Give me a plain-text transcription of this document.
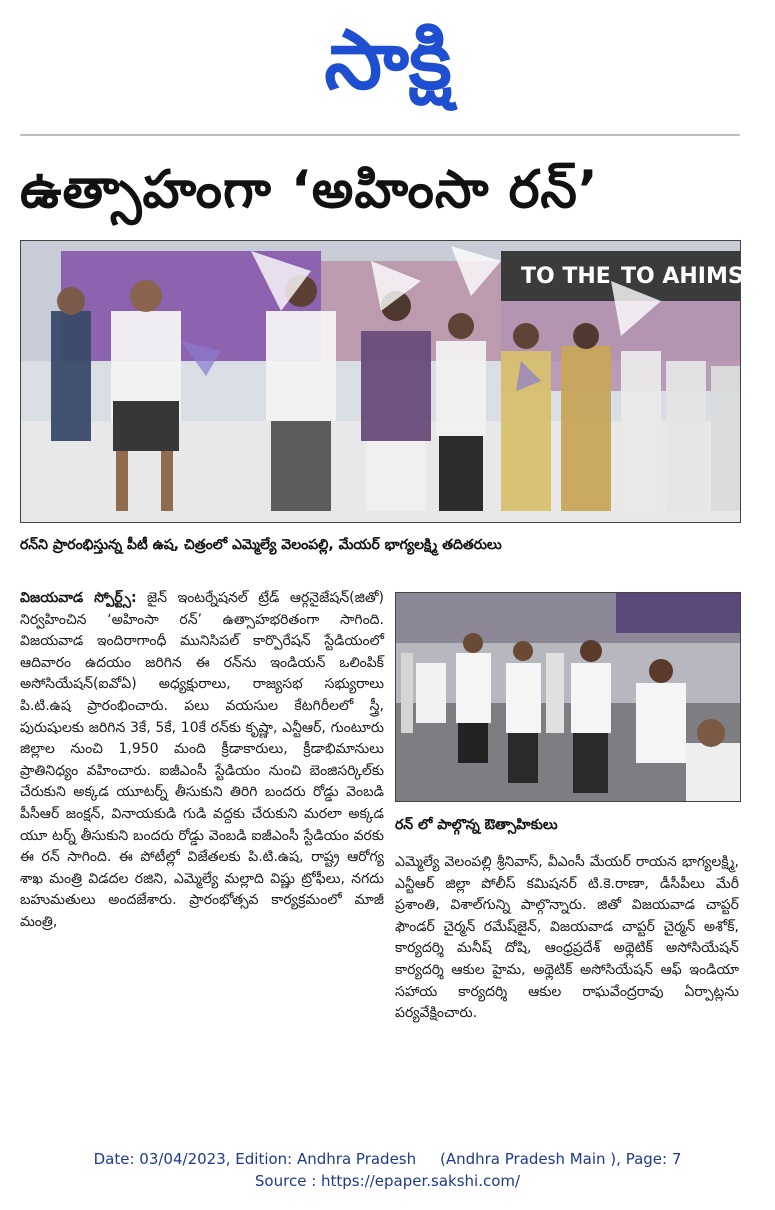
సాక్షి
ఉత్సాహంగా ‘అహింసా రన్’
TO THE TO AHIMSA
రన్‌ని ప్రారంభిస్తున్న పీటీ ఉష, చిత్రంలో ఎమ్మెల్యే వెలంపల్లి, మేయర్ భాగ్యలక్ష్మి తదితరులు
రన్ లో పాల్గొన్న ఔత్సాహికులు
విజయవాడ స్పోర్ట్స్: జైన్ ఇంటర్నేషనల్ ట్రేడ్ ఆర్గనైజేషన్(జితో) నిర్వహించిన ‘అహింసా రన్’ ఉత్సాహభరితంగా సాగింది. విజయవాడ ఇందిరాగాంధీ మునిసిపల్ కార్పొరేషన్ స్టేడియంలో ఆదివారం ఉదయం జరిగిన ఈ రన్‌ను ఇండియన్ ఒలింపిక్ అసోసియేషన్(ఐవోఏ) అధ్యక్షురాలు, రాజ్యసభ సభ్యురాలు పి.టి.ఉష ప్రారంభించారు. పలు వయసుల కేటగిరీలలో స్త్రీ, పురుషులకు జరిగిన 3కే, 5కే, 10కే రన్‌కు కృష్ణా, ఎన్టీఆర్, గుంటూరు జిల్లాల నుంచి 1,950 మంది క్రీడాకారులు, క్రీడాభిమానులు ప్రాతినిధ్యం వహించారు. ఐజీఎంసీ స్టేడియం నుంచి బెంజిసర్కిల్‌కు చేరుకుని అక్కడ యూటర్న్ తీసుకుని తిరిగి బందరు రోడ్డు వెంబడి పీసీఆర్ జంక్షన్, వినాయకుడి గుడి వద్దకు చేరుకుని మరలా అక్కడ యూ టర్న్ తీసుకుని బందరు రోడ్డు వెంబడి ఐజీఎంసీ స్టేడియం వరకు ఈ రన్ సాగింది. ఈ పోటీల్లో విజేతలకు పి.టి.ఉష, రాష్ట్ర ఆరోగ్య శాఖ మంత్రి విడదల రజిని, ఎమ్మెల్యే మల్లాది విష్ణు ట్రోఫీలు, నగదు బహుమతులు అందజేశారు. ప్రారంభోత్సవ కార్యక్రమంలో మాజీ మంత్రి,
ఎమ్మెల్యే వెలంపల్లి శ్రీనివాస్, వీఎంసీ మేయర్ రాయన భాగ్యలక్ష్మి, ఎన్టీఆర్ జిల్లా పోలీస్ కమిషనర్ టి.కె.రాణా, డీసీపీలు మేరీ ప్రశాంతి, విశాల్‌గున్ని పాల్గొన్నారు. జితో విజయవాడ చాప్టర్ ఫౌండర్ చైర్మన్ రమేష్‌జైన్, విజయవాడ చాప్టర్ చైర్మన్ అశోక్, కార్యదర్శి మనీష్ దోషి, ఆంధ్రప్రదేశ్ అథ్లెటిక్ అసోసియేషన్ కార్యదర్శి ఆకుల హైమ, అథ్లెటిక్ అసోసియేషన్ ఆఫ్ ఇండియా సహాయ కార్యదర్శి ఆకుల రాఘవేంద్రరావు ఏర్పాట్లను పర్యవేక్షించారు.
Date: 03/04/2023, Edition: Andhra Pradesh     (Andhra Pradesh Main ), Page: 7
Source : https://epaper.sakshi.com/
